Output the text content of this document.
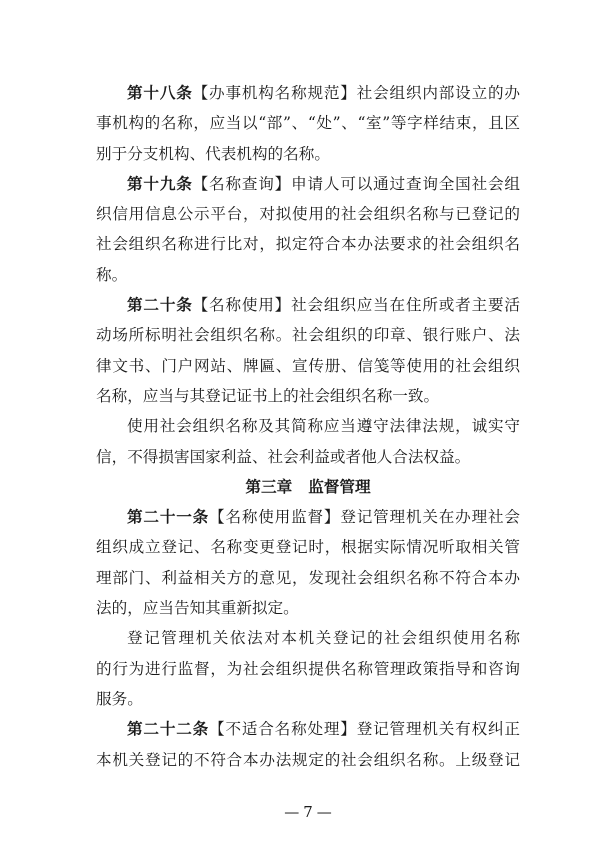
第十八条【办事机构名称规范】社会组织内部设立的办
事机构的名称，应当以“部”、“处”、“室”等字样结束，且区
别于分支机构、代表机构的名称。
第十九条【名称查询】申请人可以通过查询全国社会组
织信用信息公示平台，对拟使用的社会组织名称与已登记的
社会组织名称进行比对，拟定符合本办法要求的社会组织名
称。
第二十条【名称使用】社会组织应当在住所或者主要活
动场所标明社会组织名称。社会组织的印章、银行账户、法
律文书、门户网站、牌匾、宣传册、信笺等使用的社会组织
名称，应当与其登记证书上的社会组织名称一致。
使用社会组织名称及其简称应当遵守法律法规，诚实守
信，不得损害国家利益、社会利益或者他人合法权益。
第三章 监督管理
第二十一条【名称使用监督】登记管理机关在办理社会
组织成立登记、名称变更登记时，根据实际情况听取相关管
理部门、利益相关方的意见，发现社会组织名称不符合本办
法的，应当告知其重新拟定。
登记管理机关依法对本机关登记的社会组织使用名称
的行为进行监督，为社会组织提供名称管理政策指导和咨询
服务。
第二十二条【不适合名称处理】登记管理机关有权纠正
本机关登记的不符合本办法规定的社会组织名称。上级登记
— 7 —
